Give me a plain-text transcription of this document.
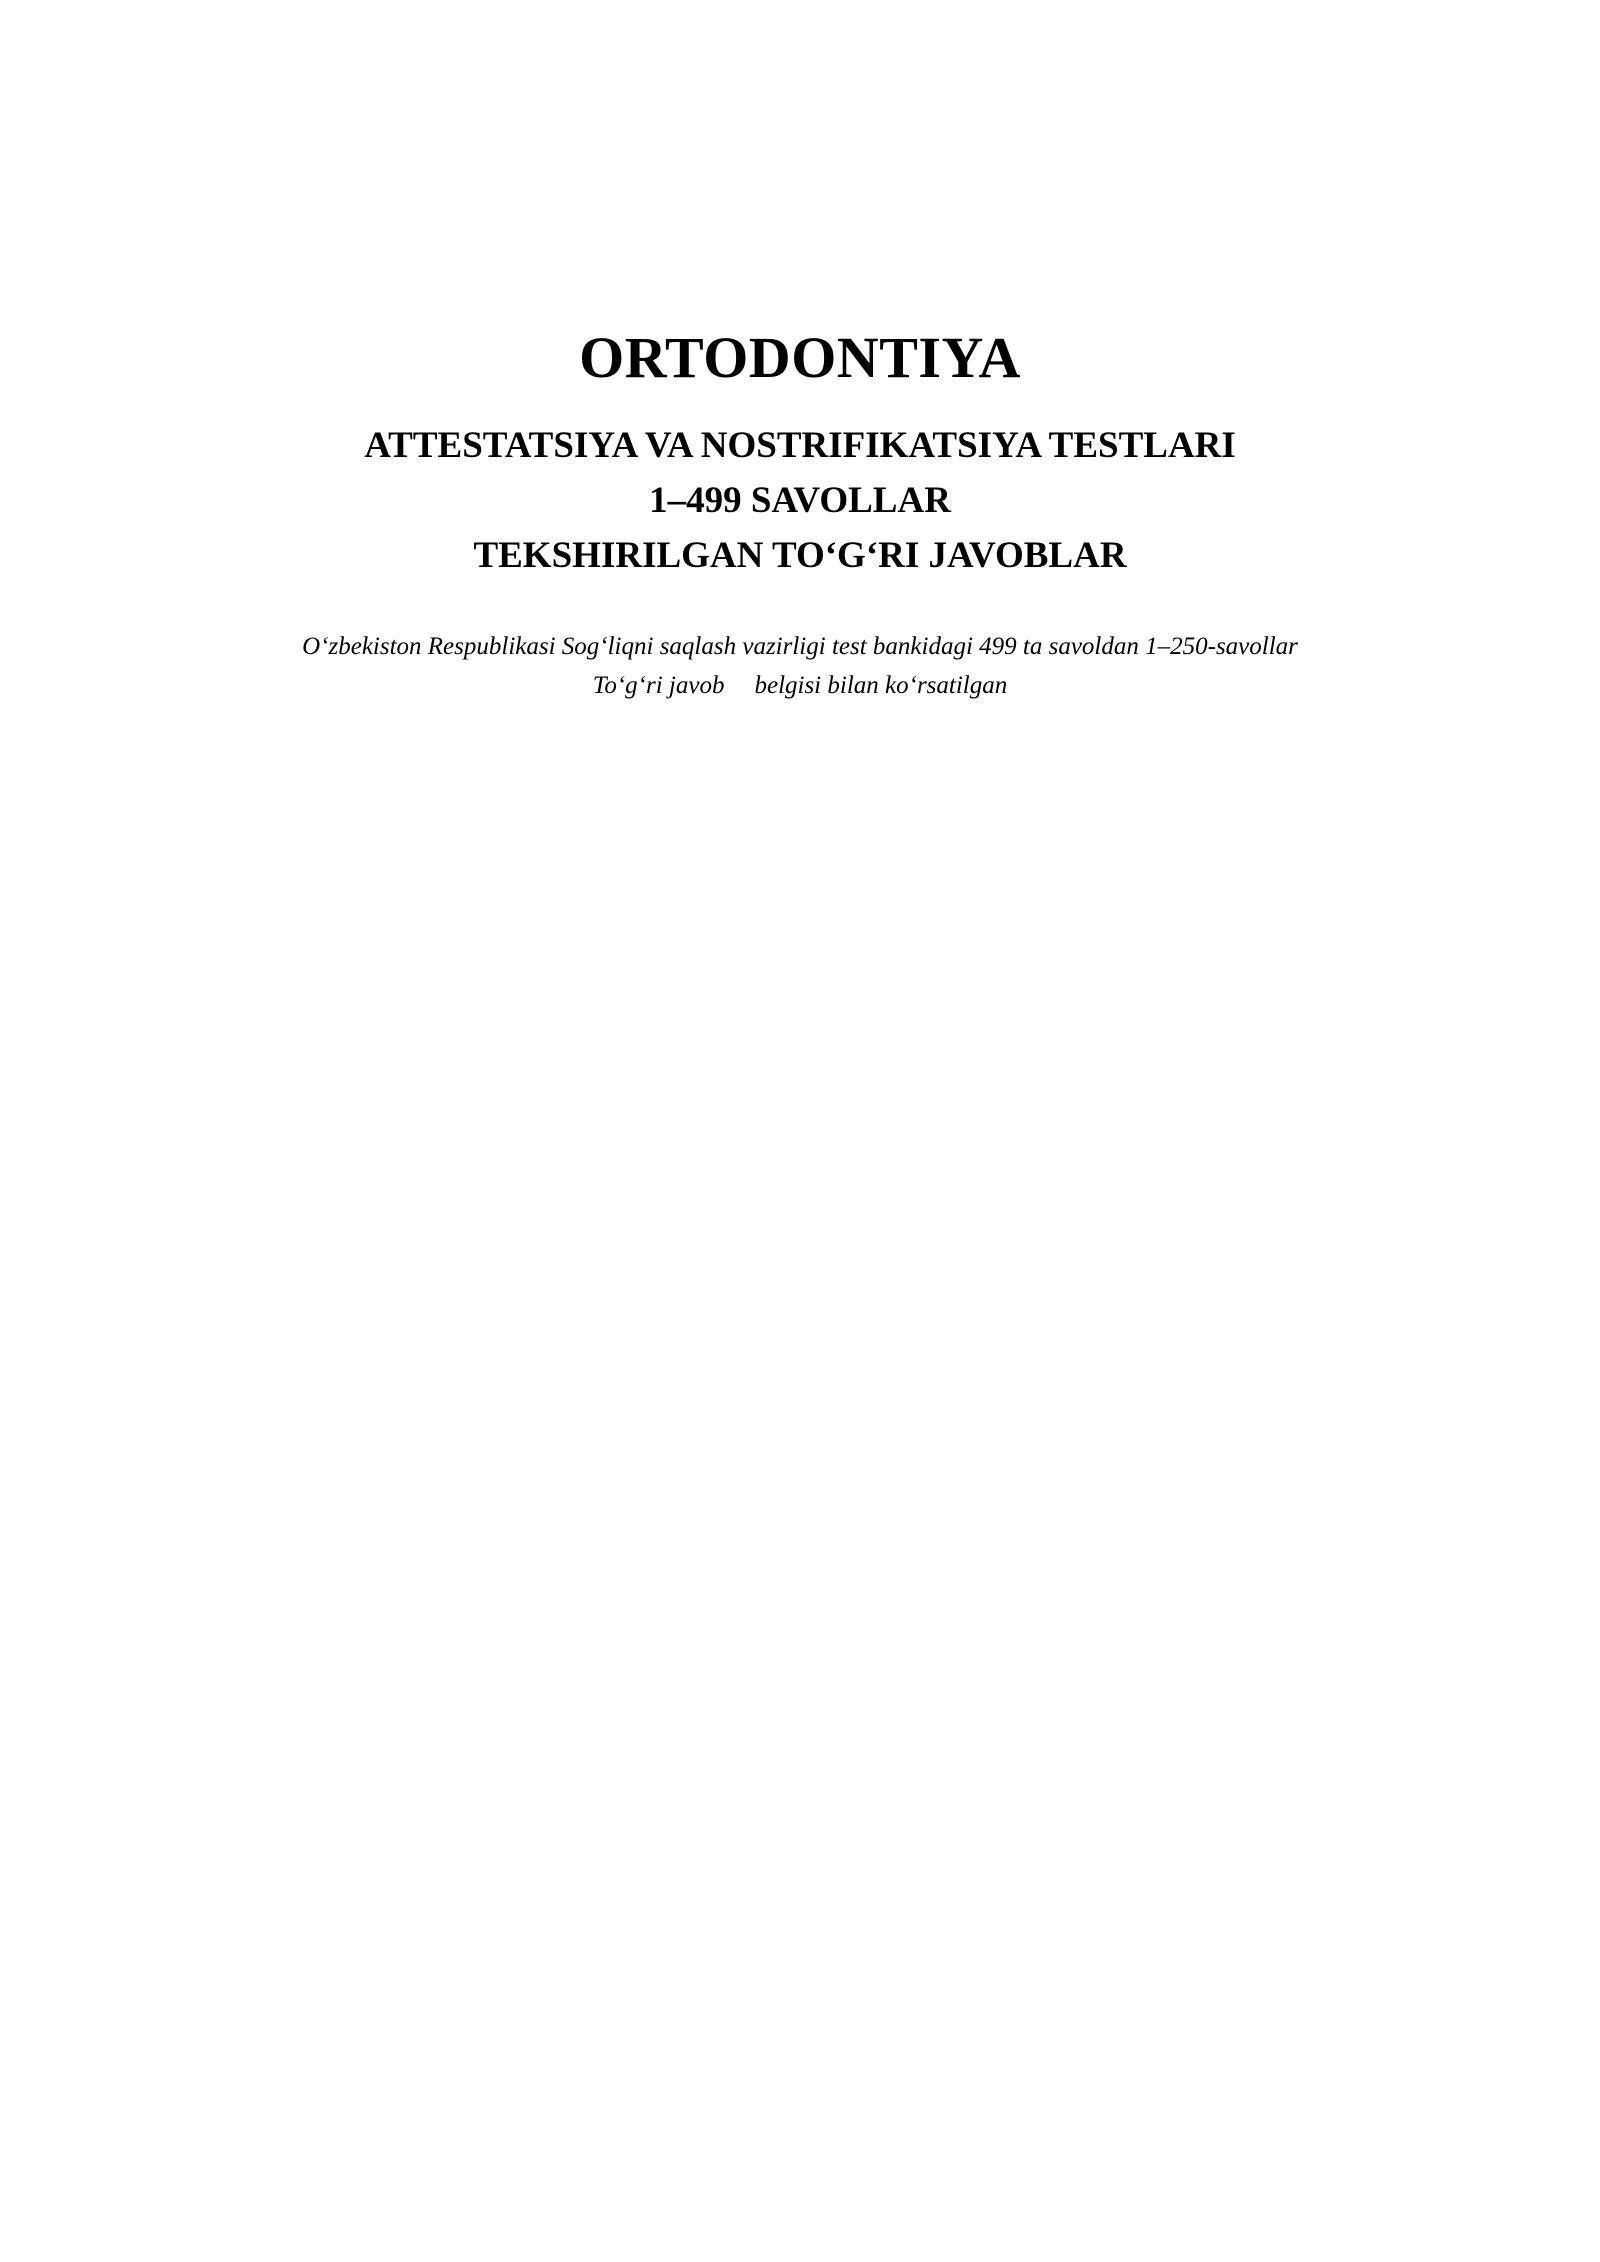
ORTODONTIYA

ATTESTATSIYA VA NOSTRIFIKATSIYA TESTLARI

1–499 SAVOLLAR

TEKSHIRILGAN TO‘G‘RI JAVOBLAR

O‘zbekiston Respublikasi Sog‘liqni saqlash vazirligi test bankidagi 499 ta savoldan 1–250-savollar

To‘g‘ri javob belgisi bilan ko‘rsatilgan
